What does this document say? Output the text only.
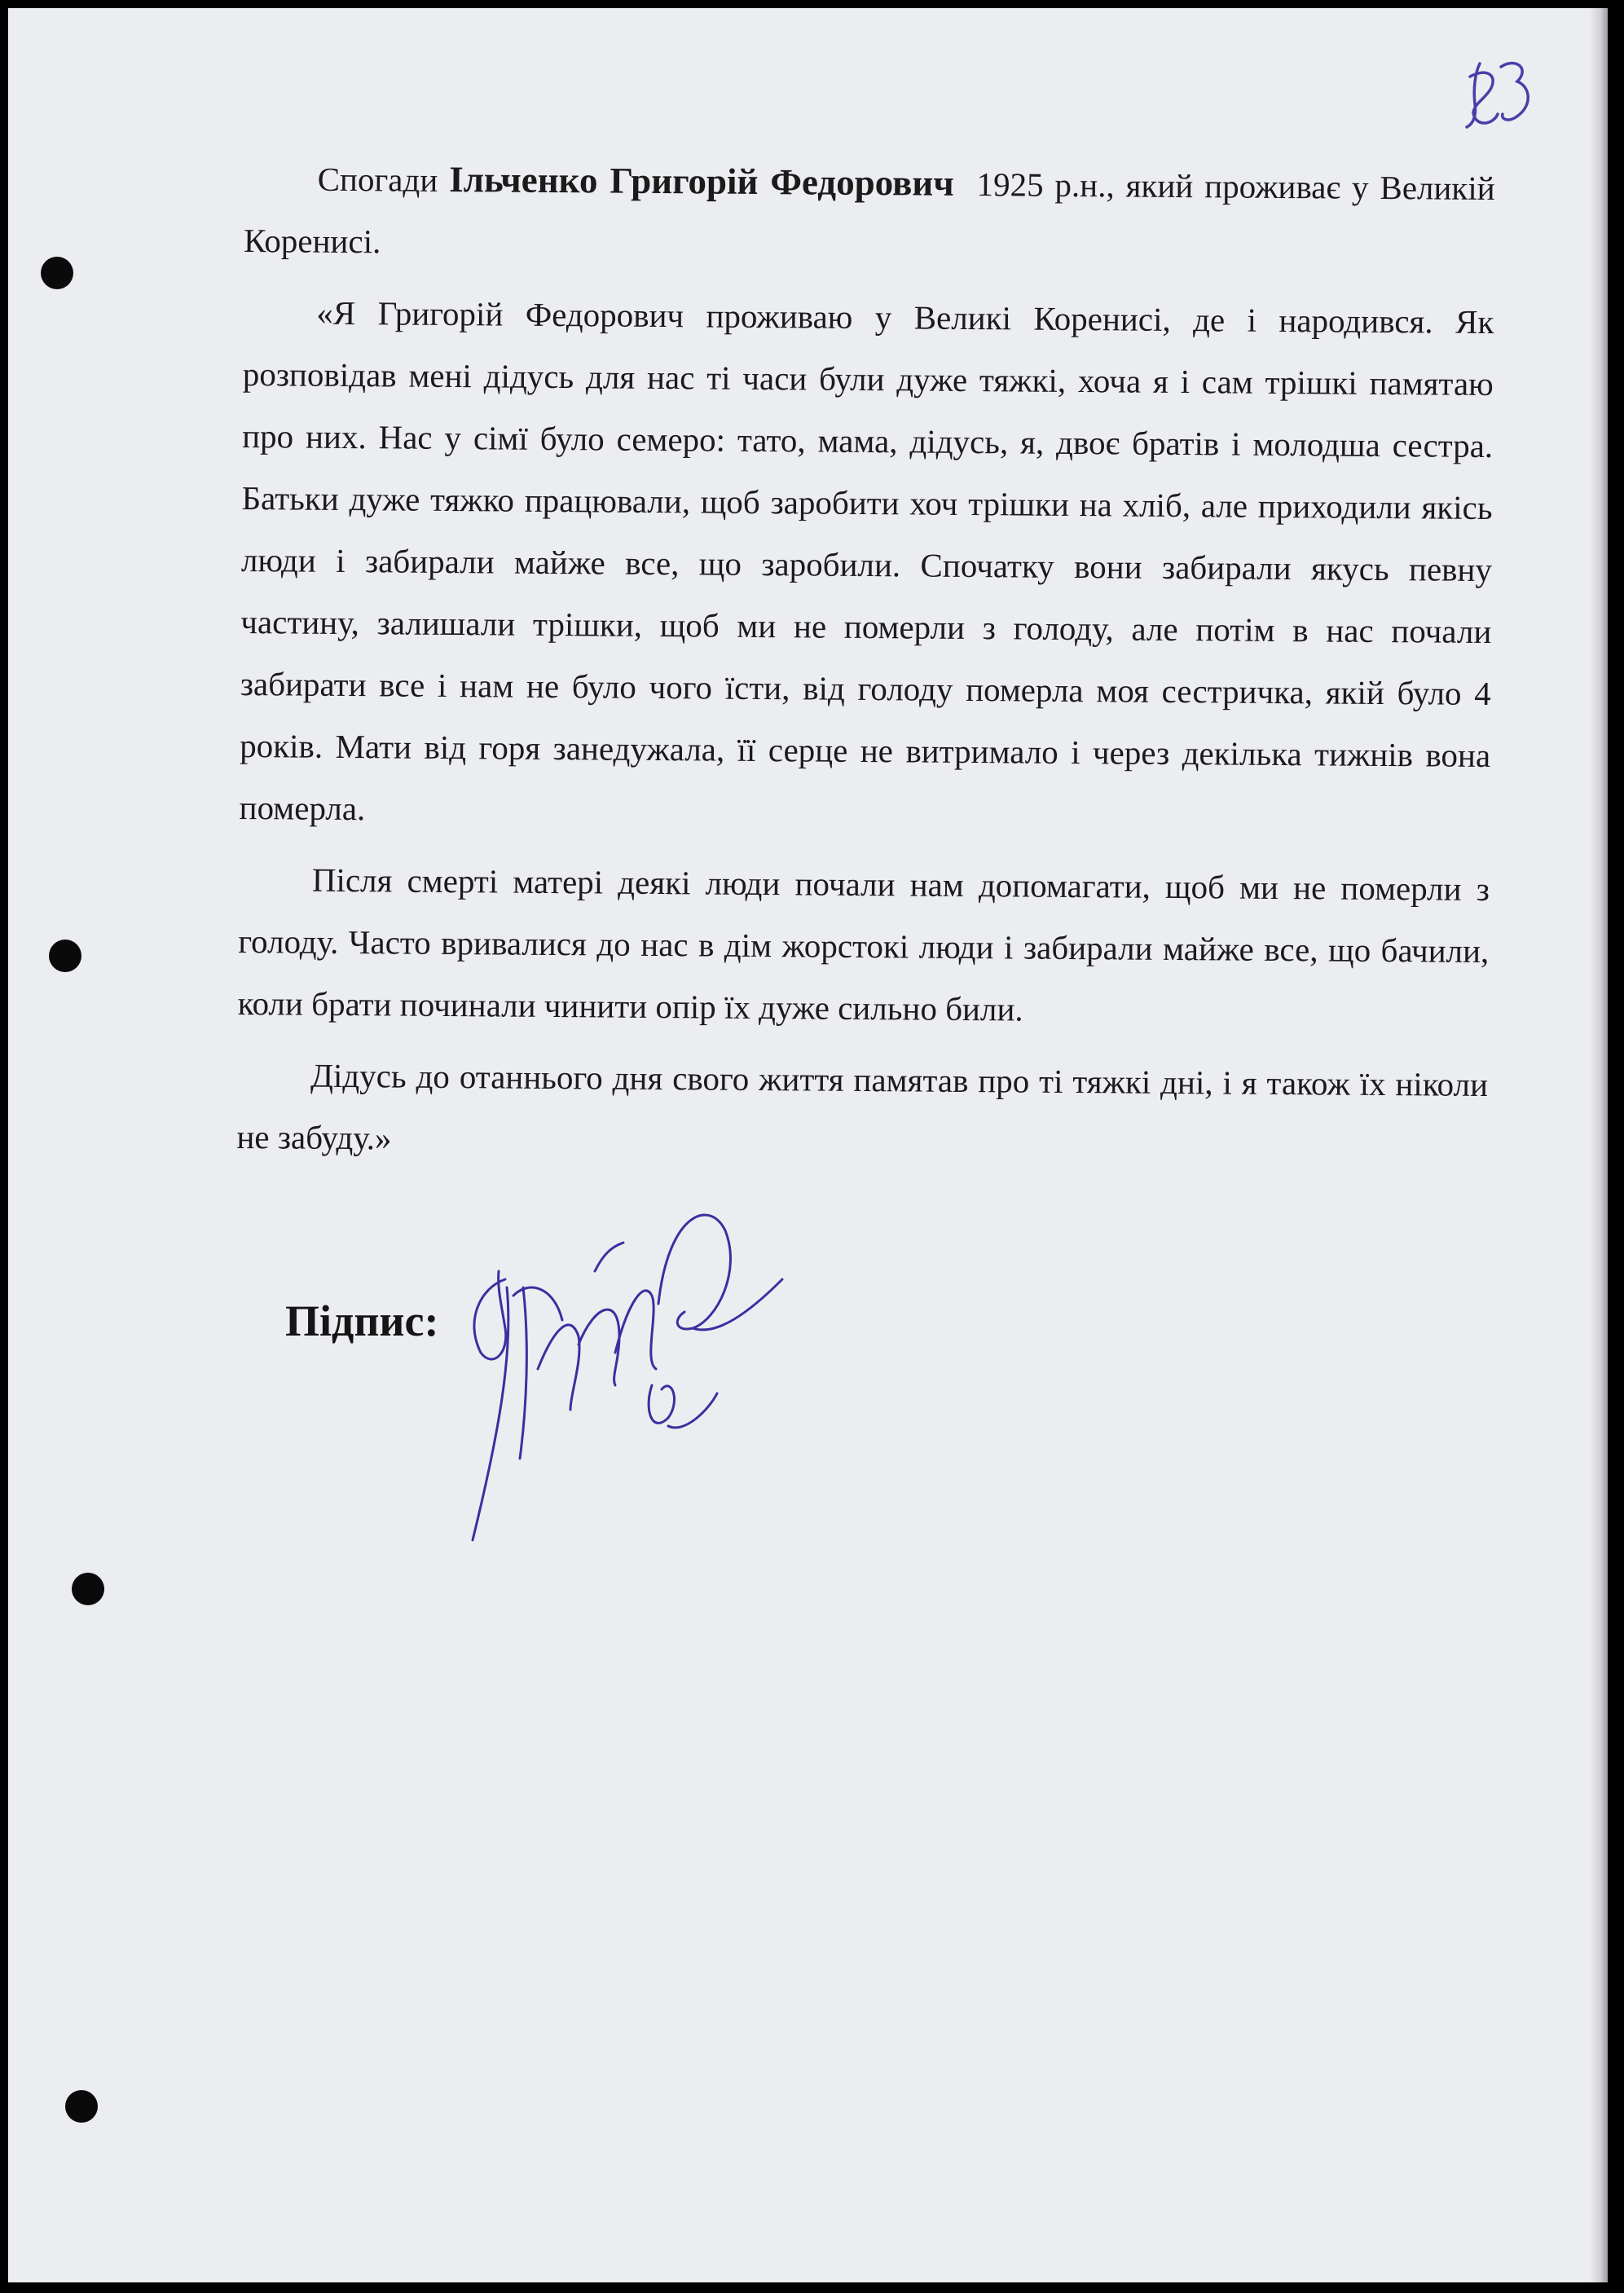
Спогади Ільченко Григорій Федорович 1925 р.н., який проживає у Великій Коренисі.

«Я Григорій Федорович проживаю у Великі Коренисі, де і народився. Як розповідав мені дідусь для нас ті часи були дуже тяжкі, хоча я і сам трішкі памятаю про них. Нас у сімї було семеро: тато, мама, дідусь, я, двоє братів і молодша сестра. Батьки дуже тяжко працювали, щоб заробити хоч трішки на хліб, але приходили якісь люди і забирали майже все, що заробили. Спочатку вони забирали якусь певну частину, залишали трішки, щоб ми не померли з голоду, але потім в нас почали забирати все і нам не було чого їсти, від голоду померла моя сестричка, якій було 4 років. Мати від горя занедужала, її серце не витримало і через декілька тижнів вона померла.

Після смерті матері деякі люди почали нам допомагати, щоб ми не померли з голоду. Часто вривалися до нас в дім жорстокі люди і забирали майже все, що бачили, коли брати починали чинити опір їх дуже сильно били.

Дідусь до отаннього дня свого життя памятав про ті тяжкі дні, і я також їх ніколи не забуду.»

Підпис:
